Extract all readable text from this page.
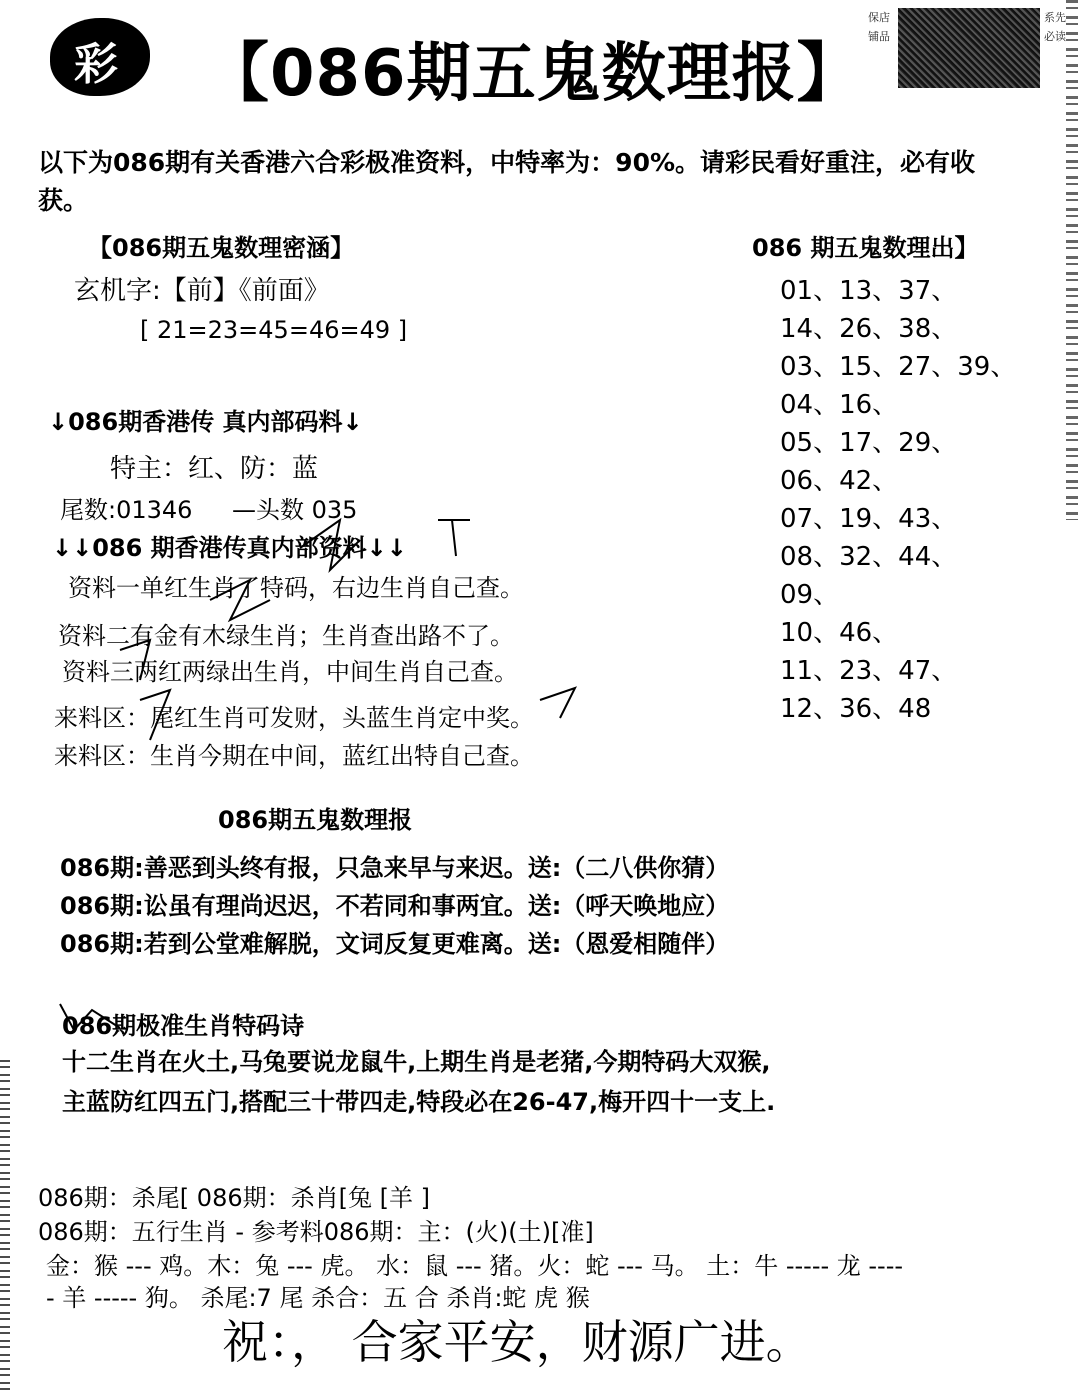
彩 【086期五鬼数理报】
保店铺品
系先必读
以下为086期有关香港六合彩极准资料，中特率为：90%。请彩民看好重注，必有收
获。
【086期五鬼数理密涵】
玄机字:【前】《前面》
[ 21=23=45=46=49 ]
086 期五鬼数理出】
01、13、37、
14、26、38、
03、15、27、39、
04、16、
05、17、29、
06、42、
07、19、43、
08、32、44、
09、
10、46、
11、23、47、
12、36、48
↓086期香港传 真内部码料↓
特主：红、防：蓝
尾数:01346 —头数 035
↓↓086 期香港传真内部资料↓↓
资料一单红生肖了特码，右边生肖自己查。
资料二有金有木绿生肖；生肖查出路不了。
资料三两红两绿出生肖，中间生肖自己查。
来料区：尾红生肖可发财，头蓝生肖定中奖。
来料区：生肖今期在中间，蓝红出特自己查。
086期五鬼数理报
086期:善恶到头终有报，只急来早与来迟。送:（二八供你猜）
086期:讼虽有理尚迟迟，不若同和事两宜。送:（呼天唤地应）
086期:若到公堂难解脱，文词反复更难离。送:（恩爱相随伴）
086期极准生肖特码诗
十二生肖在火土,马兔要说龙鼠牛,上期生肖是老猪,今期特码大双猴,
主蓝防红四五门,搭配三十带四走,特段必在26-47,梅开四十一支上.
086期：杀尾[ 086期：杀肖[兔 [羊 ]
086期：五行生肖 - 参考料086期：主：(火)(土)[准]
金：猴 --- 鸡。木：兔 --- 虎。 水：鼠 --- 猪。火：蛇 --- 马。 土：牛 ----- 龙 ----
- 羊 ----- 狗。 杀尾:7 尾 杀合：五 合 杀肖:蛇 虎 猴
祝：， 合家平安，财源广进。
